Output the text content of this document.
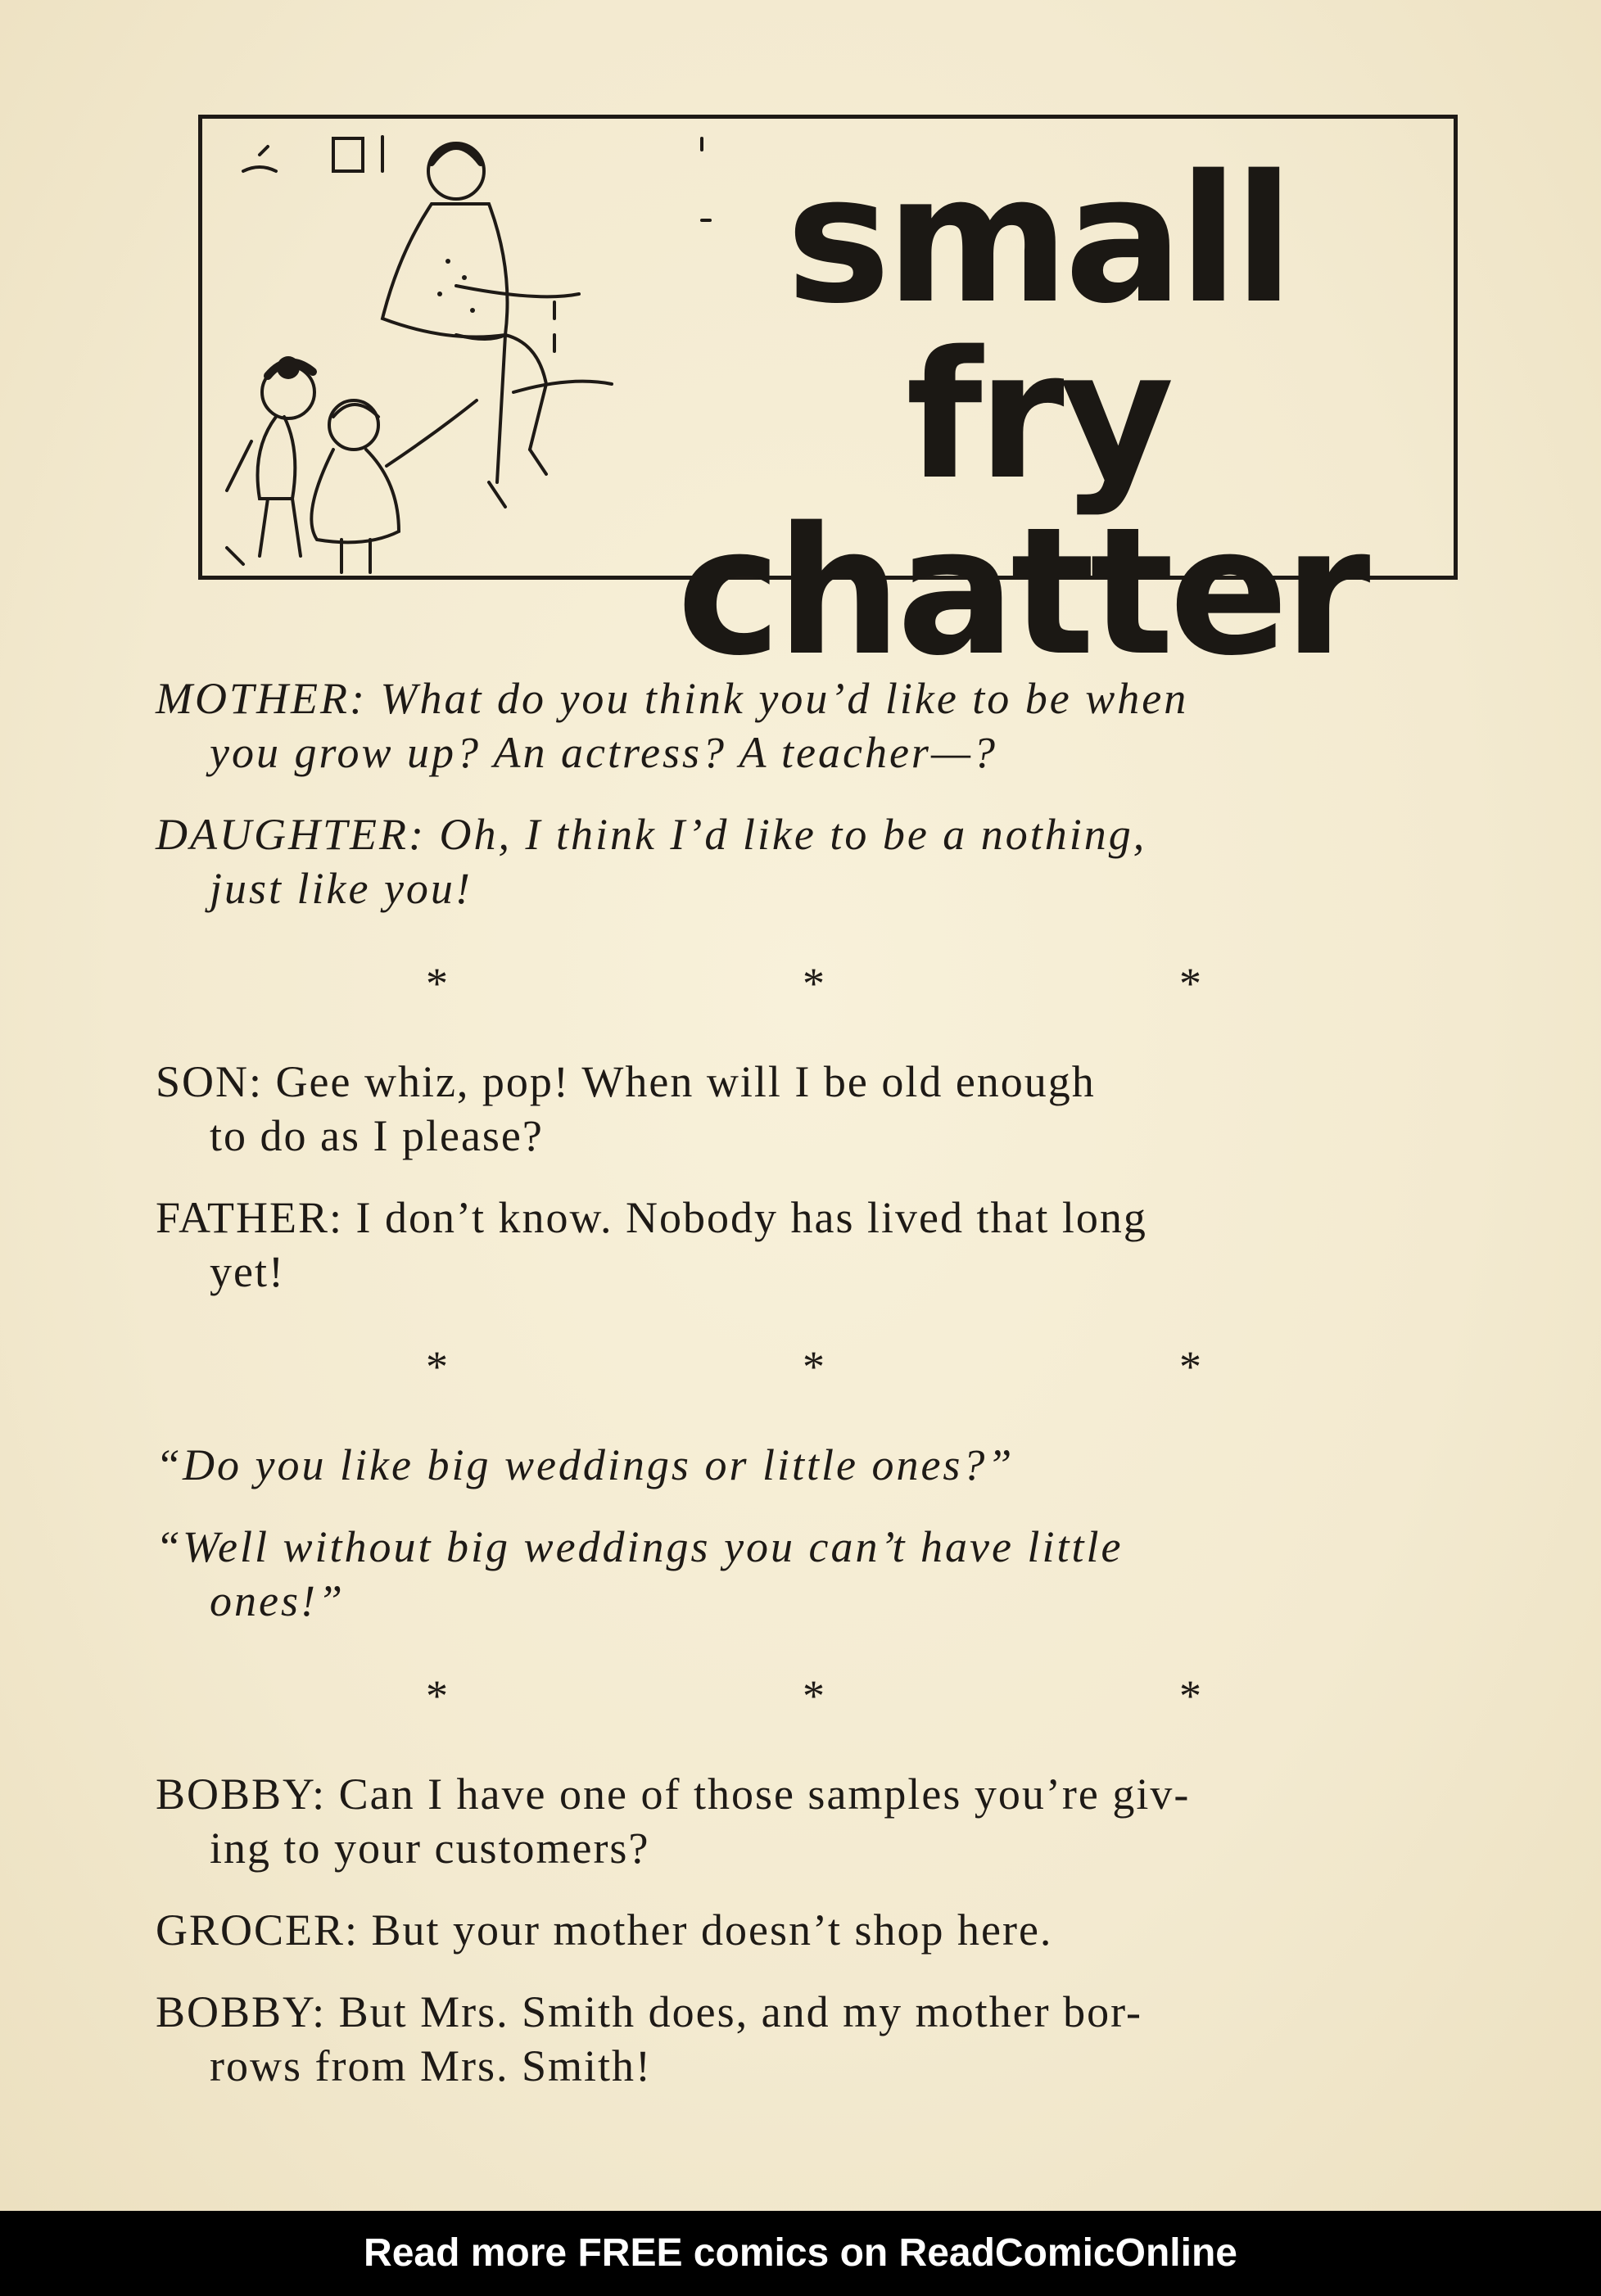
small fry
chatter
MOTHER: What do you think you’d like to be when
you grow up? An actress? A teacher—?
DAUGHTER: Oh, I think I’d like to be a nothing,
just like you!
*	*	*
SON: Gee whiz, pop! When will I be old enough
to do as I please?
FATHER: I don’t know. Nobody has lived that long
yet!
*	*	*
“Do you like big weddings or little ones?”
“Well without big weddings you can’t have little
ones!”
*	*	*
BOBBY: Can I have one of those samples you’re giv-
ing to your customers?
GROCER: But your mother doesn’t shop here.
BOBBY: But Mrs. Smith does, and my mother bor-
rows from Mrs. Smith!
Read more FREE comics on ReadComicOnline
